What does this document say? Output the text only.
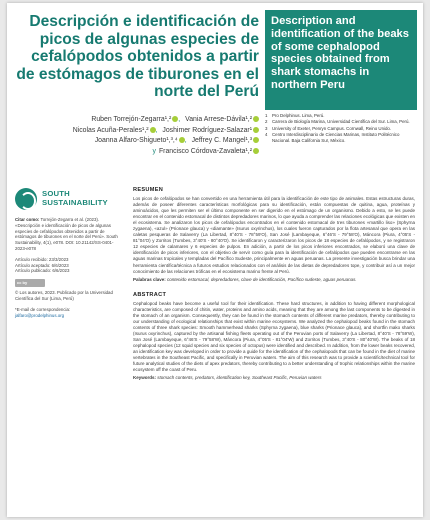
Descripción e identificación de picos de algunas especies de cefalópodos obtenidos a partir de estómagos de tiburones en el norte del Perú
Description and identification of the beaks of some cephalopod species obtained from shark stomachs in northern Peru
Ruben Torrejón-Zegarra¹,² , Vania Arrese-Dávila¹,²
Nicolas Acuña-Perales¹,² , Joshimer Rodríguez-Salazar¹
Joanna Alfaro-Shigueto¹,³,⁴ , Jeffrey C. Mangel¹,³
y Francisco Córdova-Zavaleta¹,²
1	Pro Delphinus. Lima, Perú.
2	Carrera de Biología Marina, Universidad Científica del Sur. Lima, Perú.
3	University of Exeter, Penryn Campus. Cornwall, Reino Unido.
4	Centro Interdisciplinario de Ciencias Marinas, Instituto Politécnico Nacional. Baja California Sur, México.
SOUTH
SUSTAINABILITY
Citar como: Torrejón-Zegarra et al. (2023). «Descripción e identificación de picos de algunas especies de cefalópodos obtenidos a partir de estómagos de tiburones en el norte del Perú». South Sustainability, 4(1), e078. DOI: 10.21142/SS-0401-2023-e078
Artículo recibido: 23/3/2023
Artículo aceptado: 6/6/2023
Artículo publicado: 6/6/2023
cc by
© Los autores, 2023. Publicado por la Universidad Científica del Sur (Lima, Perú)
*E-mail de correspondencia:
jalfaro@prodelphinus.org
RESUMEN
Los picos de cefalópodos se han convertido en una herramienta útil para la identificación de este tipo de animales. Estas estructuras duras, además de poseer diferentes características morfológicas para su identificación, están compuestas de quitina, agua, proteínas y aminoácidos, que les permiten ser el último componente en ser digerido en el estómago de un organismo. Debido a esto, se les puede encontrar en el contenido estomacal de distintos depredadores marinos, lo que ayuda a comprender las relaciones ecológicas que existen en el ecosistema. Se analizaron los picos de cefalópodos encontrados en el contenido estomacal de tres tiburones «martillo liso» (Sphyrna zygaena), «azul» (Prionace glauca) y «diamante» (Isurus oxyrinchus), los cuales fueron capturados por la flota artesanal que opera en las caletas pesqueras de Salaverry (La Libertad, 8°40'S - 78°59'O), San José (Lambayeque, 6°46'S - 79°58'O), Máncora (Piura, 4°05'S - 81°04'O) y Zorritos (Tumbes, 3°40'S - 80°40'O). Se identificaron y caracterizaron los picos de 18 especies de cefalópodos, y se registraron 12 especies de calamares y 6 especies de pulpos. En adición, a partir de los picos inferiores encontrados, se elaboró una clave de identificación de picos inferiores, con el objetivo de servir como guía para la identificación de cefalópodos que pueden encontrarse en las aguas marinas tropicales y templadas del Pacífico Sudeste, principalmente en aguas peruanas. La presente investigación busca brindar una herramienta científica/técnica a futuros estudios relacionados con el análisis de las dietas de depredadores tope, y contribuir así a un mejor conocimiento de las relaciones tróficas en el ecosistema marino frente al Perú.
Palabras clave: contenido estomacal, depredadores, clave de identificación, Pacífico sudeste, aguas peruanas.
ABSTRACT
Cephalopod beaks have become a useful tool for their identification. These hard structures, in addition to having different morphological characteristics, are composed of chitin, water, proteins and amino acids, meaning that they are among the last components to be digested in the stomach of an organism. Consequently, they can be found in the stomach contents of different marine predators, thereby contributing to our understanding of ecological relationships that exist within marine ecosystems. We analyzed the cephalopod beaks found in the stomach contents of three shark species: Smooth hammerhead sharks (Sphyrna zygaena), blue sharks (Prionace glauca), and shortfin mako sharks (Isurus oxyrinchus), captured by the artisanal fishing fleets operating out of the Peruvian ports of Salaverry (La Libertad, 8°40'S - 78°59'W), San José (Lambayeque, 6°46'S - 79°58'W), Máncora (Piura, 4°05'S - 81°04'W) and Zorritos (Tumbes, 3°40'S - 80°40'W). The beaks of 18 cephalopod species (12 squid species and six species of octopus) were identified and described. In addition, from the lower beaks recovered, an identification key was developed in order to provide a guide for the identification of the cephalopods that can be found in the diet of marine vertebrates in the Southeast Pacific, and specifically in Peruvian waters. The aim of this research was to provide a scientific/technical tool for future analytical studies of the diets of apex predators, thereby contributing to a better understanding of trophic relationships within the marine ecosystem off the coast of Peru.
Keywords: stomach contents, predators, identification key, Southeast Pacific, Peruvian waters
